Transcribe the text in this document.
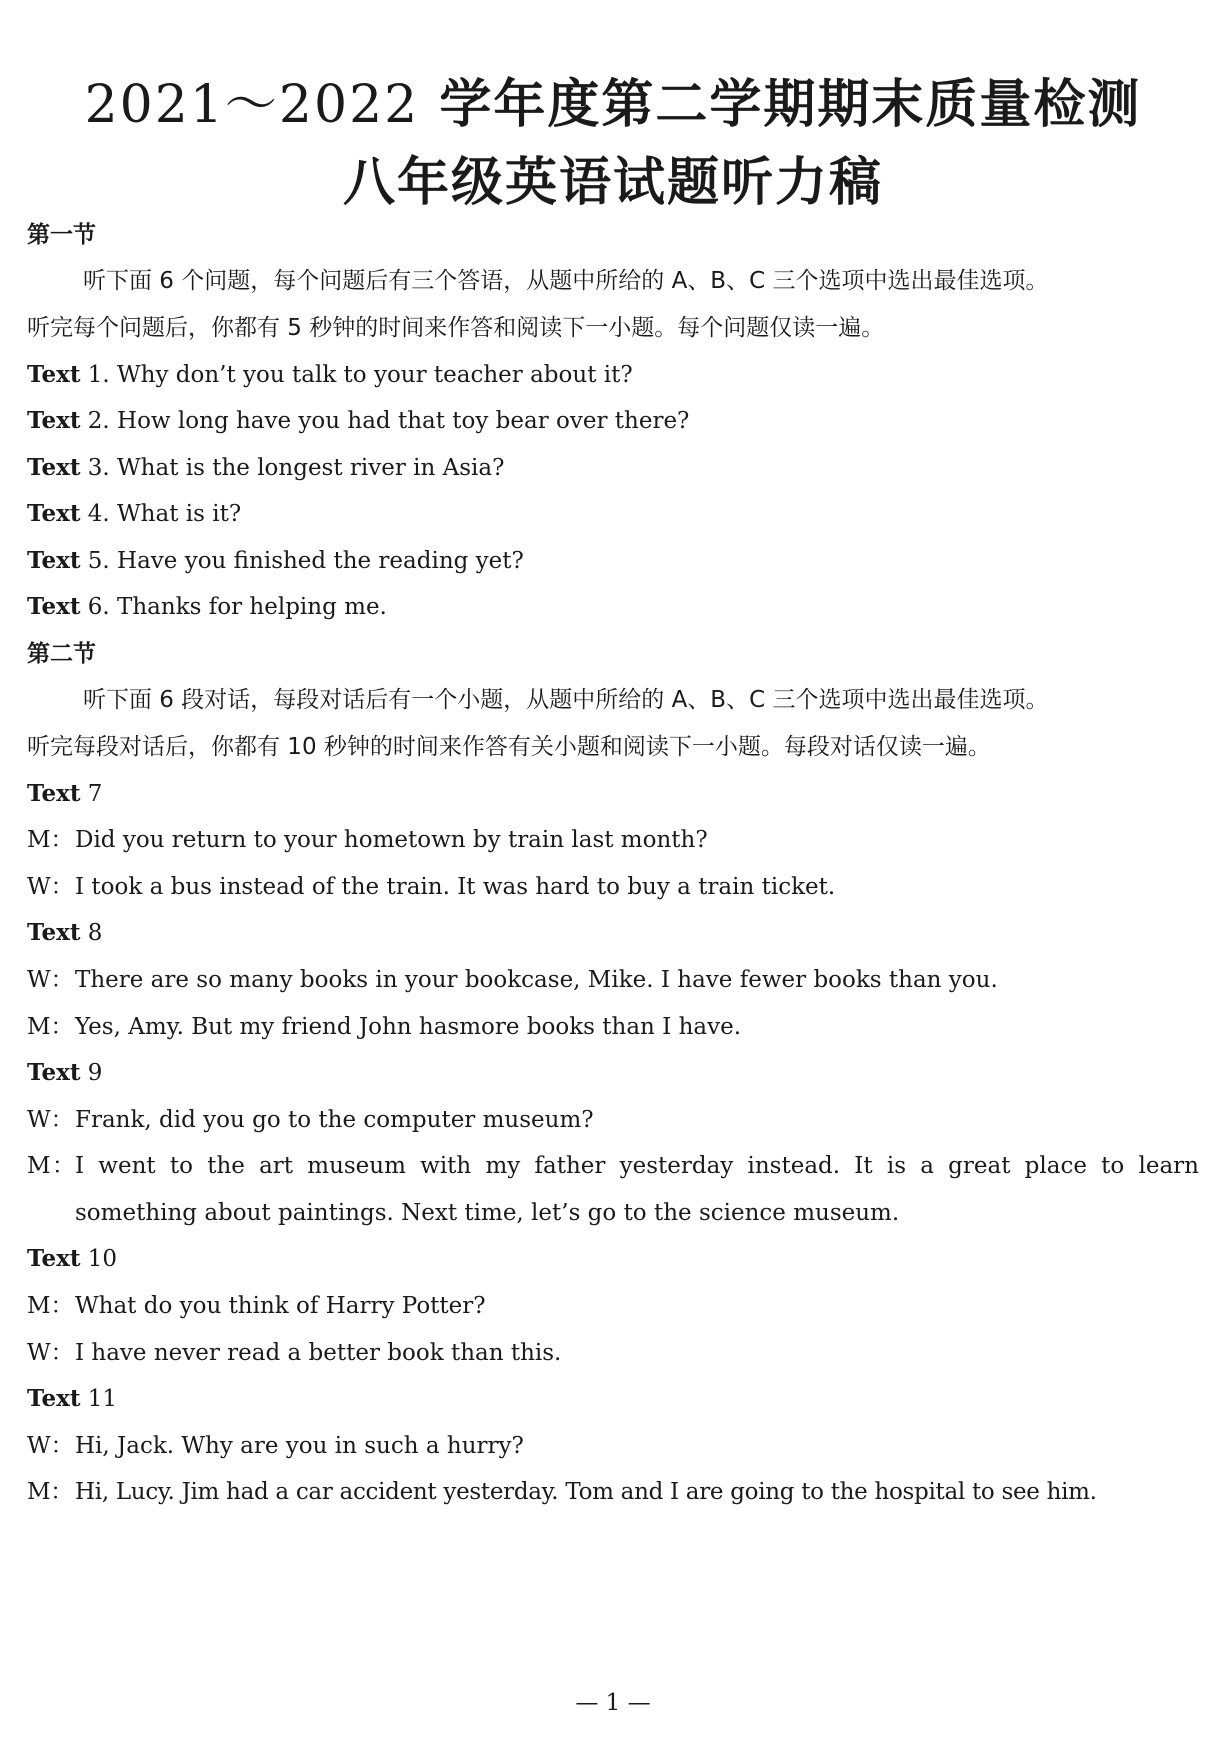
2021～2022 学年度第二学期期末质量检测
八年级英语试题听力稿
第一节
听下面 6 个问题，每个问题后有三个答语，从题中所给的 A、B、C 三个选项中选出最佳选项。
听完每个问题后，你都有 5 秒钟的时间来作答和阅读下一小题。每个问题仅读一遍。
Text 1. Why don’t you talk to your teacher about it?
Text 2. How long have you had that toy bear over there?
Text 3. What is the longest river in Asia?
Text 4. What is it?
Text 5. Have you finished the reading yet?
Text 6. Thanks for helping me.
第二节
听下面 6 段对话，每段对话后有一个小题，从题中所给的 A、B、C 三个选项中选出最佳选项。
听完每段对话后，你都有 10 秒钟的时间来作答有关小题和阅读下一小题。每段对话仅读一遍。
Text 7
M：Did you return to your hometown by train last month?
W：I took a bus instead of the train. It was hard to buy a train ticket.
Text 8
W：There are so many books in your bookcase, Mike. I have fewer books than you.
M：Yes, Amy. But my friend John hasmore books than I have.
Text 9
W：Frank, did you go to the computer museum?
M：I went to the art museum with my father yesterday instead. It is a great place to learn
something about paintings. Next time, let’s go to the science museum.
Text 10
M：What do you think of Harry Potter?
W：I have never read a better book than this.
Text 11
W：Hi, Jack. Why are you in such a hurry?
M：Hi, Lucy. Jim had a car accident yesterday. Tom and I are going to the hospital to see him.
— 1 —
